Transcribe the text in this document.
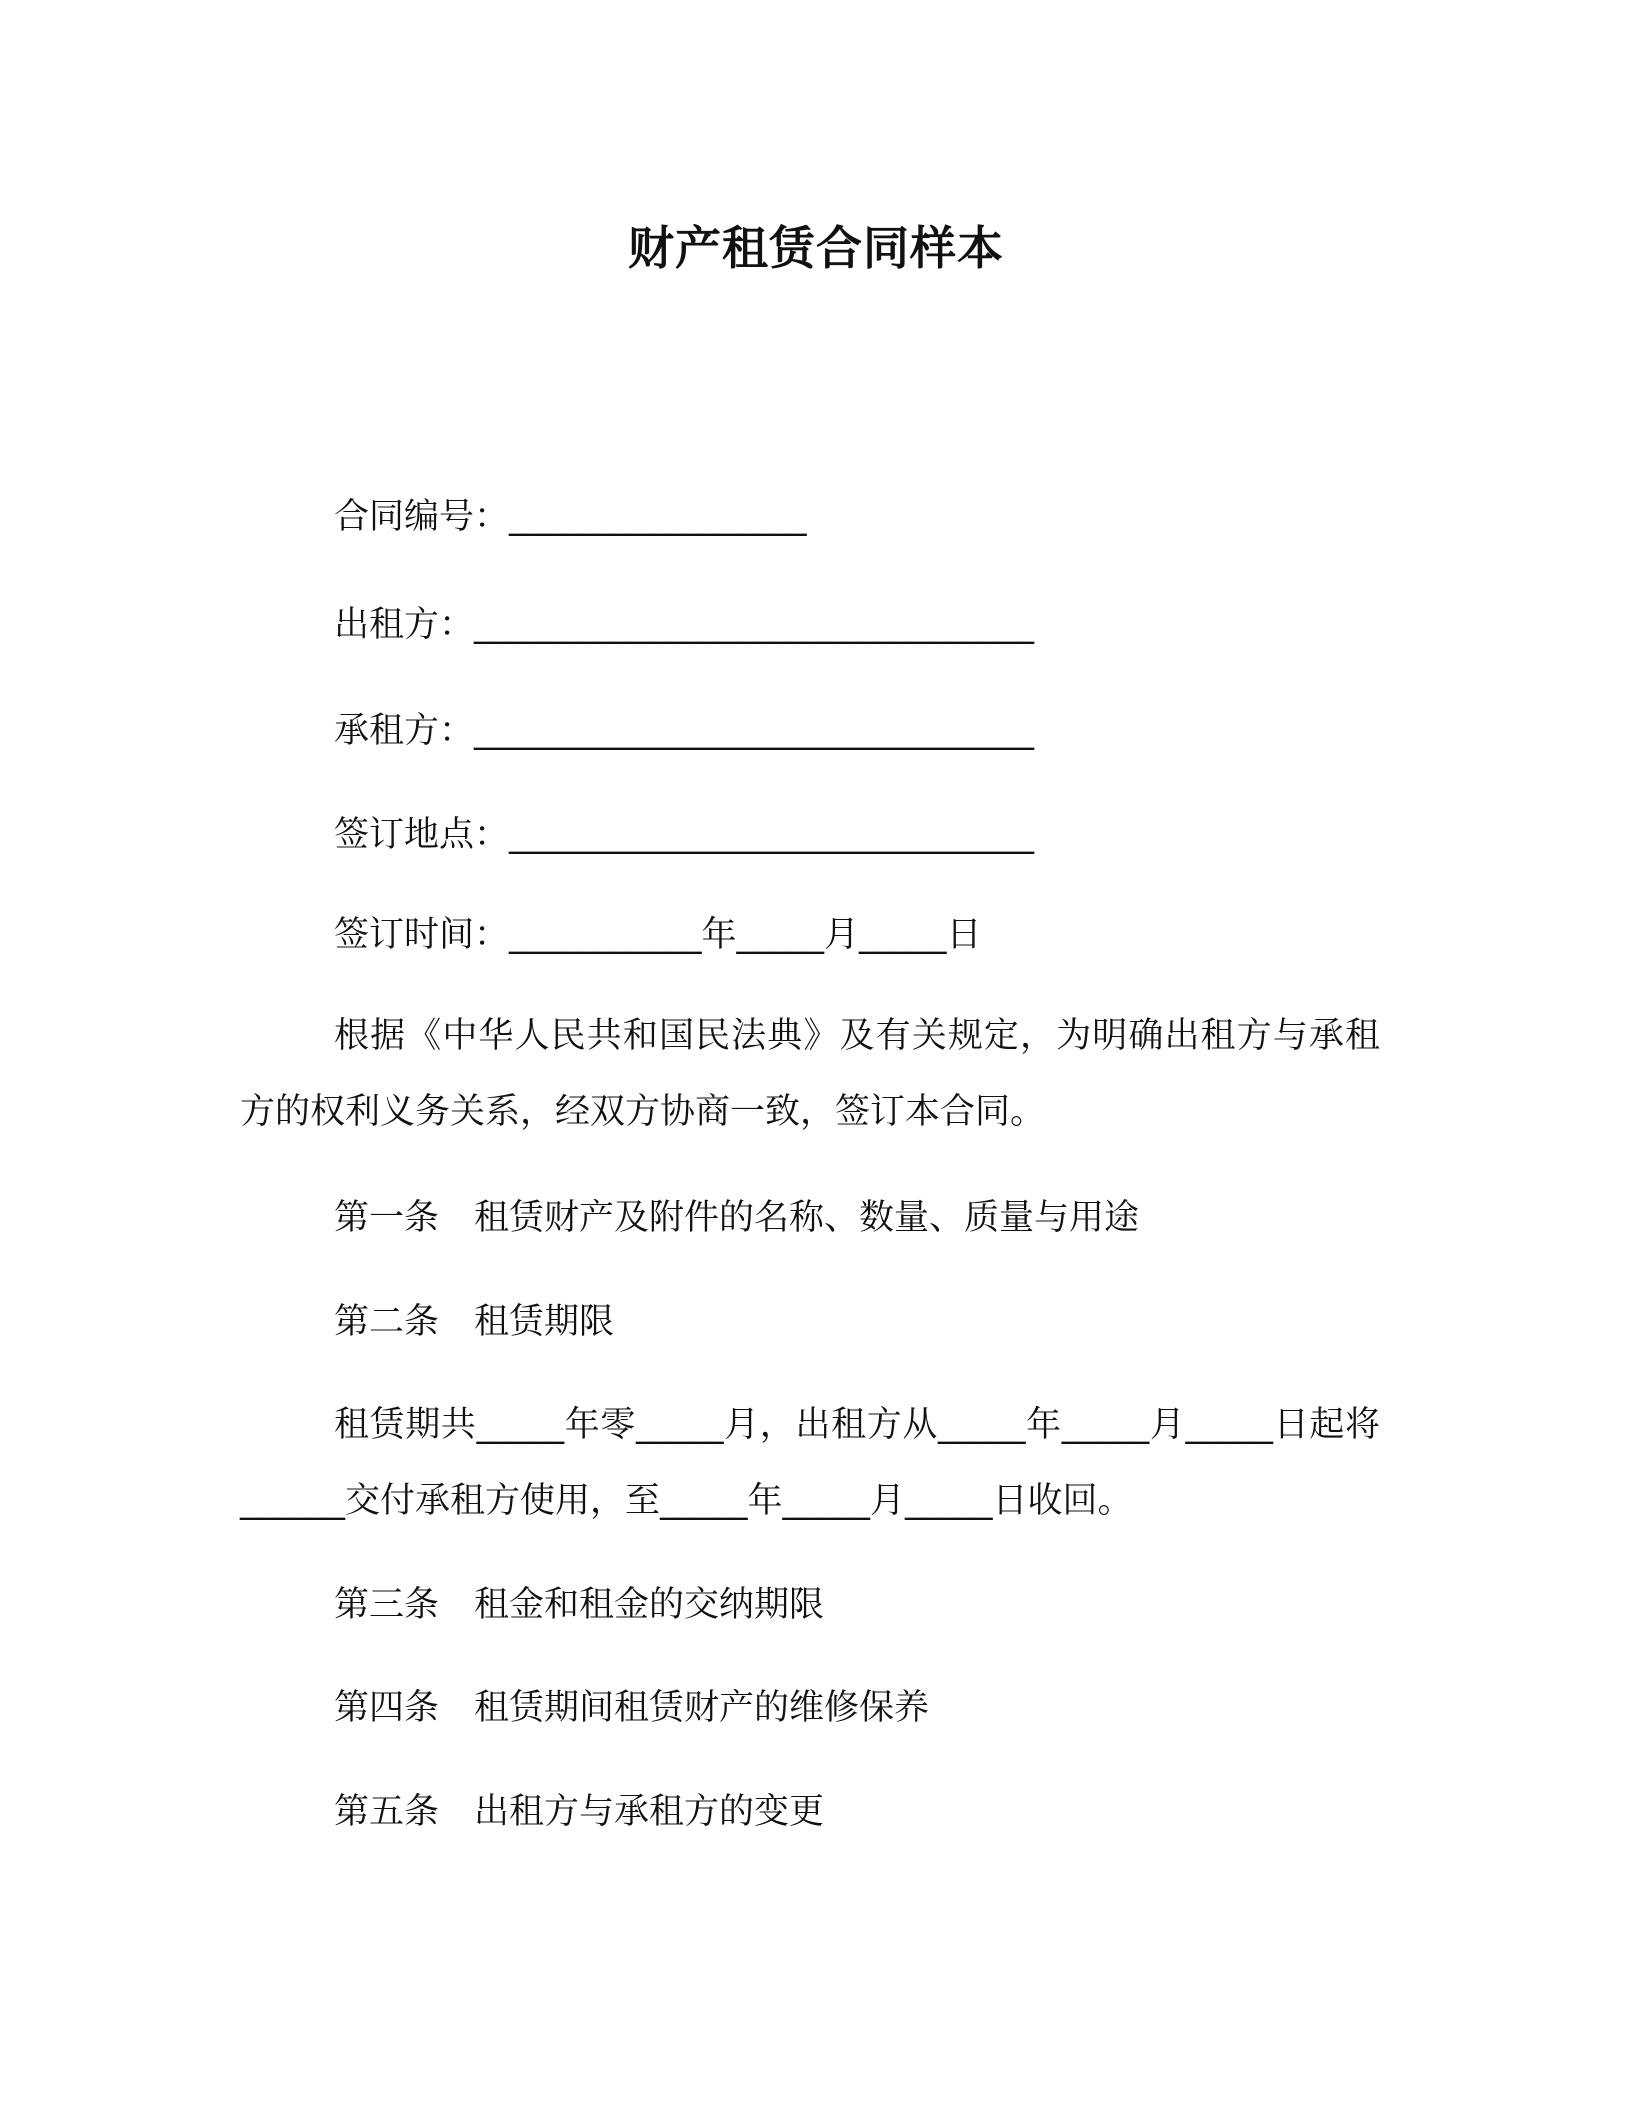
财产租赁合同样本
合同编号：_________________
出租方：________________________________
承租方：________________________________
签订地点：______________________________
签订时间：___________年_____月_____日
根据《中华人民共和国民法典》及有关规定，为明确出租方与承租方的权利义务关系，经双方协商一致，签订本合同。
第一条　租赁财产及附件的名称、数量、质量与用途
第二条　租赁期限
租赁期共_____年零_____月，出租方从_____年_____月_____日起将______交付承租方使用，至_____年_____月_____日收回。
第三条　租金和租金的交纳期限
第四条　租赁期间租赁财产的维修保养
第五条　出租方与承租方的变更
